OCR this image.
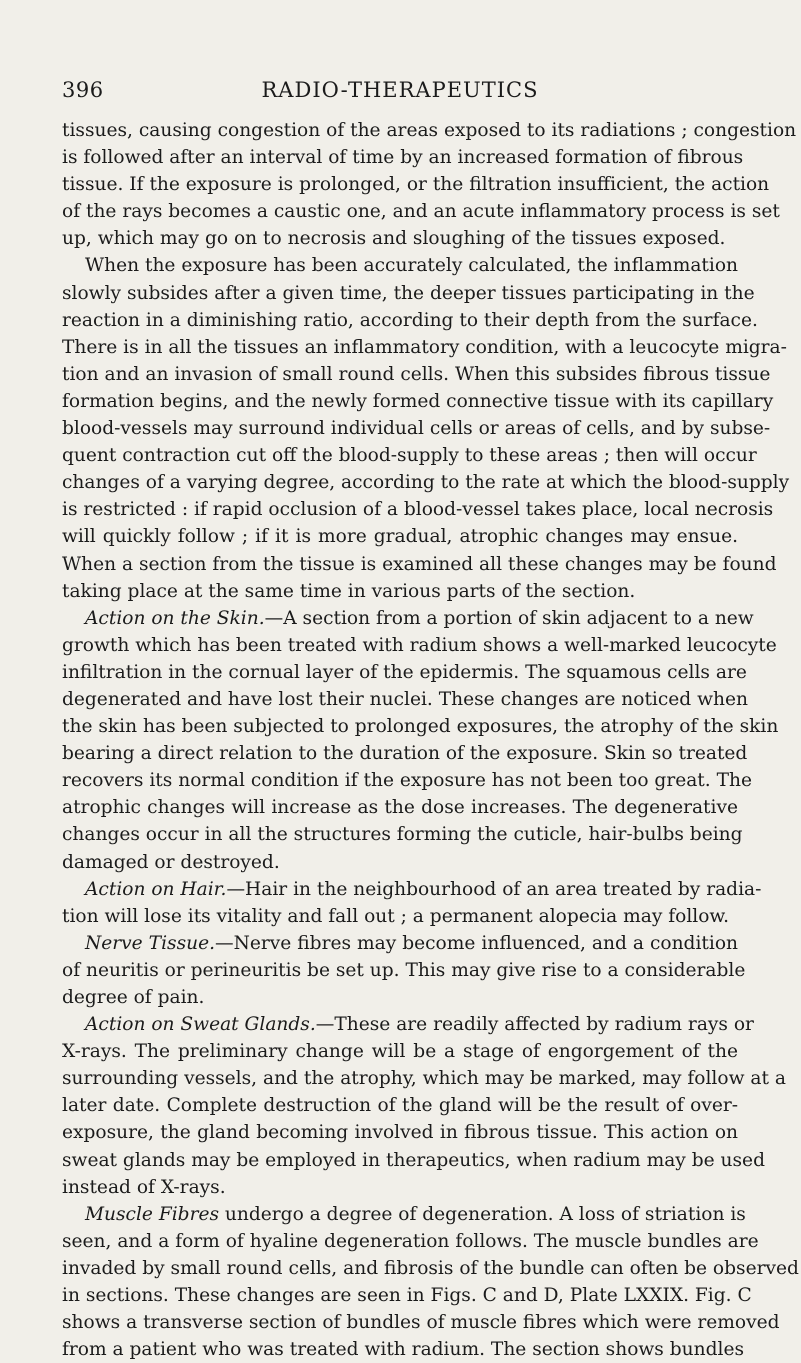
396	RADIO-THERAPEUTICS
tissues, causing congestion of the areas exposed to its radiations ; congestion
is followed after an interval of time by an increased formation of fibrous
tissue. If the exposure is prolonged, or the filtration insufficient, the action
of the rays becomes a caustic one, and an acute inflammatory process is set
up, which may go on to necrosis and sloughing of the tissues exposed.
When the exposure has been accurately calculated, the inflammation
slowly subsides after a given time, the deeper tissues participating in the
reaction in a diminishing ratio, according to their depth from the surface.
There is in all the tissues an inflammatory condition, with a leucocyte migra-
tion and an invasion of small round cells. When this subsides fibrous tissue
formation begins, and the newly formed connective tissue with its capillary
blood-vessels may surround individual cells or areas of cells, and by subse-
quent contraction cut off the blood-supply to these areas ; then will occur
changes of a varying degree, according to the rate at which the blood-supply
is restricted : if rapid occlusion of a blood-vessel takes place, local necrosis
will quickly follow ; if it is more gradual, atrophic changes may ensue.
When a section from the tissue is examined all these changes may be found
taking place at the same time in various parts of the section.
Action on the Skin.—A section from a portion of skin adjacent to a new
growth which has been treated with radium shows a well-marked leucocyte
infiltration in the cornual layer of the epidermis. The squamous cells are
degenerated and have lost their nuclei. These changes are noticed when
the skin has been subjected to prolonged exposures, the atrophy of the skin
bearing a direct relation to the duration of the exposure. Skin so treated
recovers its normal condition if the exposure has not been too great. The
atrophic changes will increase as the dose increases. The degenerative
changes occur in all the structures forming the cuticle, hair-bulbs being
damaged or destroyed.
Action on Hair.—Hair in the neighbourhood of an area treated by radia-
tion will lose its vitality and fall out ; a permanent alopecia may follow.
Nerve Tissue.—Nerve fibres may become influenced, and a condition
of neuritis or perineuritis be set up. This may give rise to a considerable
degree of pain.
Action on Sweat Glands.—These are readily affected by radium rays or
X-rays. The preliminary change will be a stage of engorgement of the
surrounding vessels, and the atrophy, which may be marked, may follow at a
later date. Complete destruction of the gland will be the result of over-
exposure, the gland becoming involved in fibrous tissue. This action on
sweat glands may be employed in therapeutics, when radium may be used
instead of X-rays.
Muscle Fibres undergo a degree of degeneration. A loss of striation is
seen, and a form of hyaline degeneration follows. The muscle bundles are
invaded by small round cells, and fibrosis of the bundle can often be observed
in sections. These changes are seen in Figs. C and D, Plate LXXIX. Fig. C
shows a transverse section of bundles of muscle fibres which were removed
from a patient who was treated with radium. The section shows bundles
